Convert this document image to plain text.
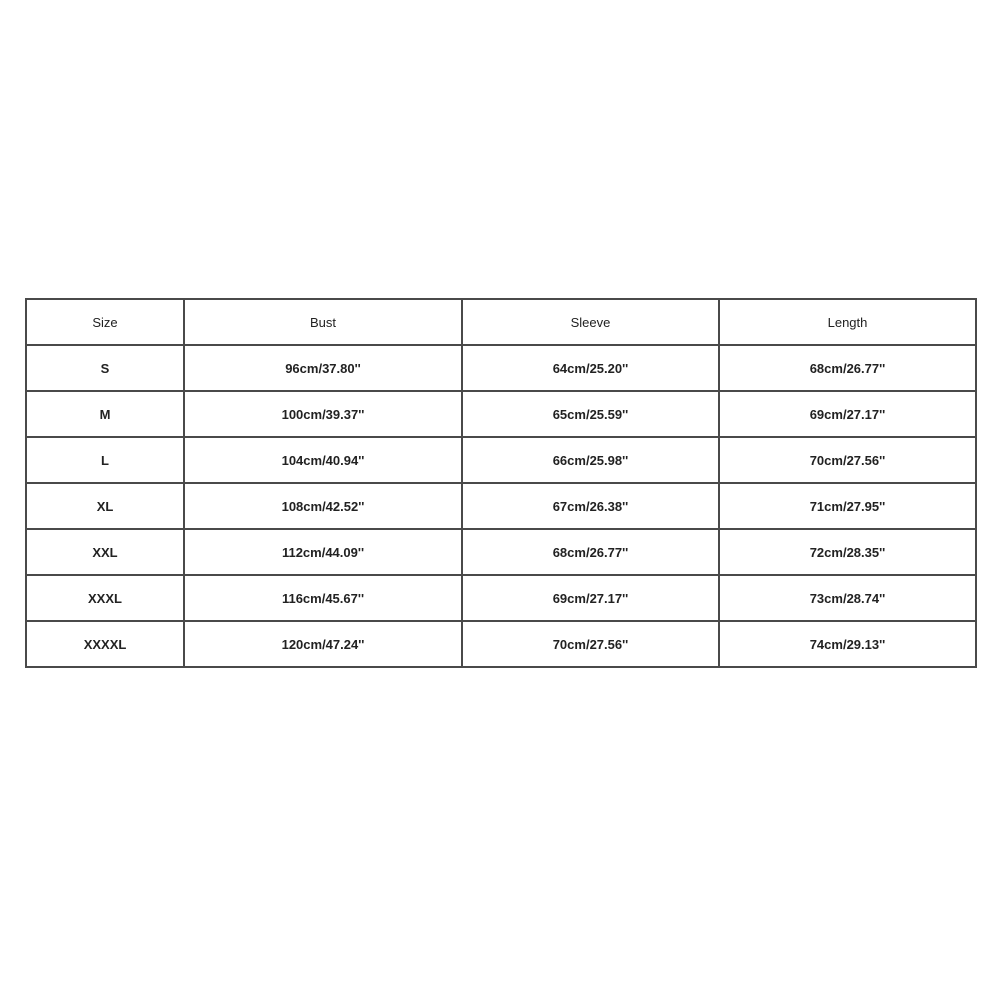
Size	Bust	Sleeve	Length
S	96cm/37.80''	64cm/25.20''	68cm/26.77''
M	100cm/39.37''	65cm/25.59''	69cm/27.17''
L	104cm/40.94''	66cm/25.98''	70cm/27.56''
XL	108cm/42.52''	67cm/26.38''	71cm/27.95''
XXL	112cm/44.09''	68cm/26.77''	72cm/28.35''
XXXL	116cm/45.67''	69cm/27.17''	73cm/28.74''
XXXXL	120cm/47.24''	70cm/27.56''	74cm/29.13''
